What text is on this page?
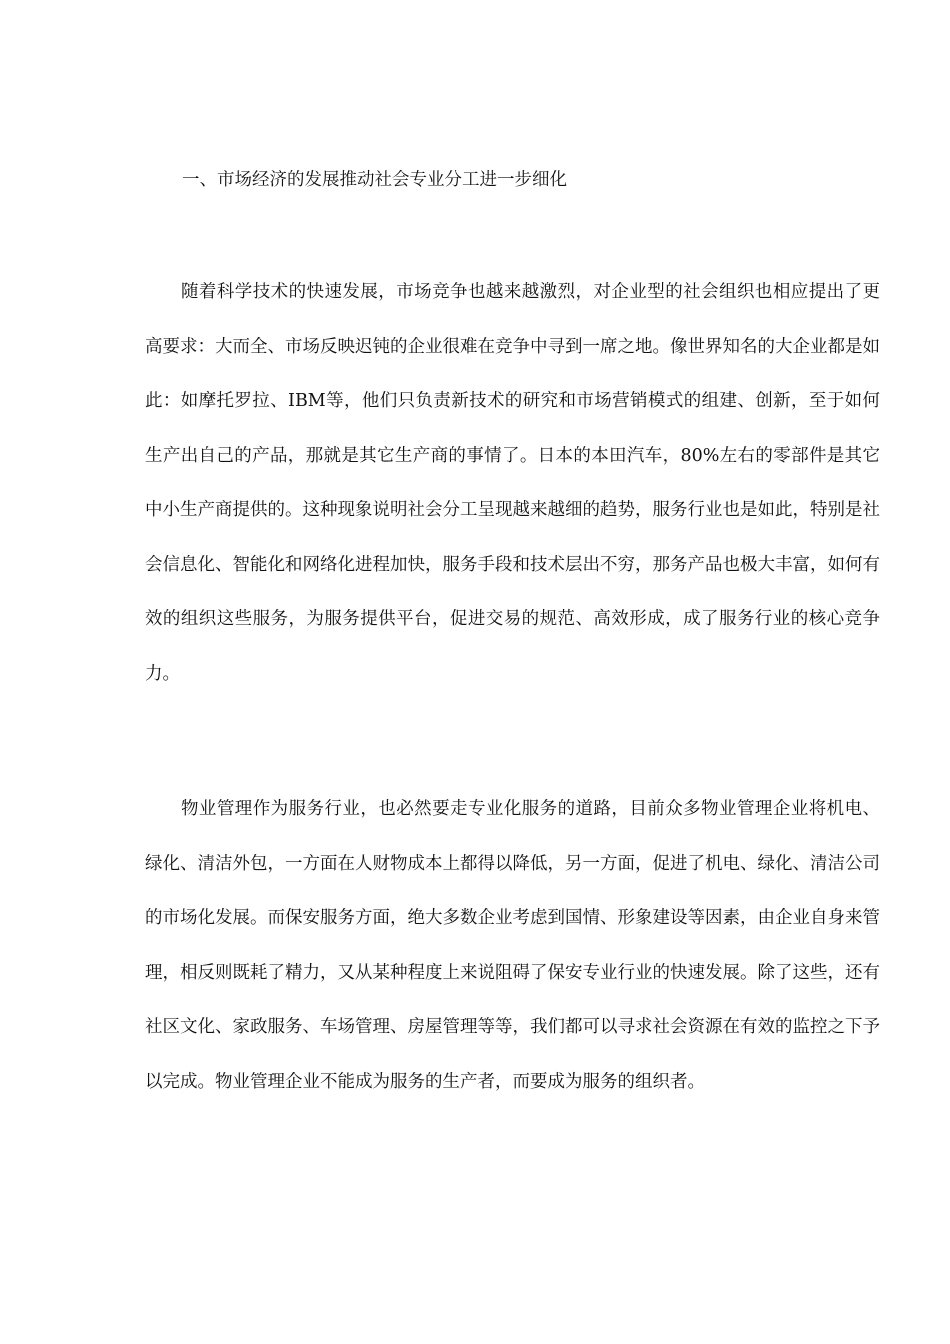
一、市场经济的发展推动社会专业分工进一步细化

随着科学技术的快速发展，市场竞争也越来越激烈，对企业型的社会组织也相应提出了更高要求：大而全、市场反映迟钝的企业很难在竞争中寻到一席之地。像世界知名的大企业都是如此：如摩托罗拉、IBM等，他们只负责新技术的研究和市场营销模式的组建、创新，至于如何生产出自己的产品，那就是其它生产商的事情了。日本的本田汽车，80%左右的零部件是其它中小生产商提供的。这种现象说明社会分工呈现越来越细的趋势，服务行业也是如此，特别是社会信息化、智能化和网络化进程加快，服务手段和技术层出不穷，那务产品也极大丰富，如何有效的组织这些服务，为服务提供平台，促进交易的规范、高效形成，成了服务行业的核心竞争力。

物业管理作为服务行业，也必然要走专业化服务的道路，目前众多物业管理企业将机电、绿化、清洁外包，一方面在人财物成本上都得以降低，另一方面，促进了机电、绿化、清洁公司的市场化发展。而保安服务方面，绝大多数企业考虑到国情、形象建设等因素，由企业自身来管理，相反则既耗了精力，又从某种程度上来说阻碍了保安专业行业的快速发展。除了这些，还有社区文化、家政服务、车场管理、房屋管理等等，我们都可以寻求社会资源在有效的监控之下予以完成。物业管理企业不能成为服务的生产者，而要成为服务的组织者。
